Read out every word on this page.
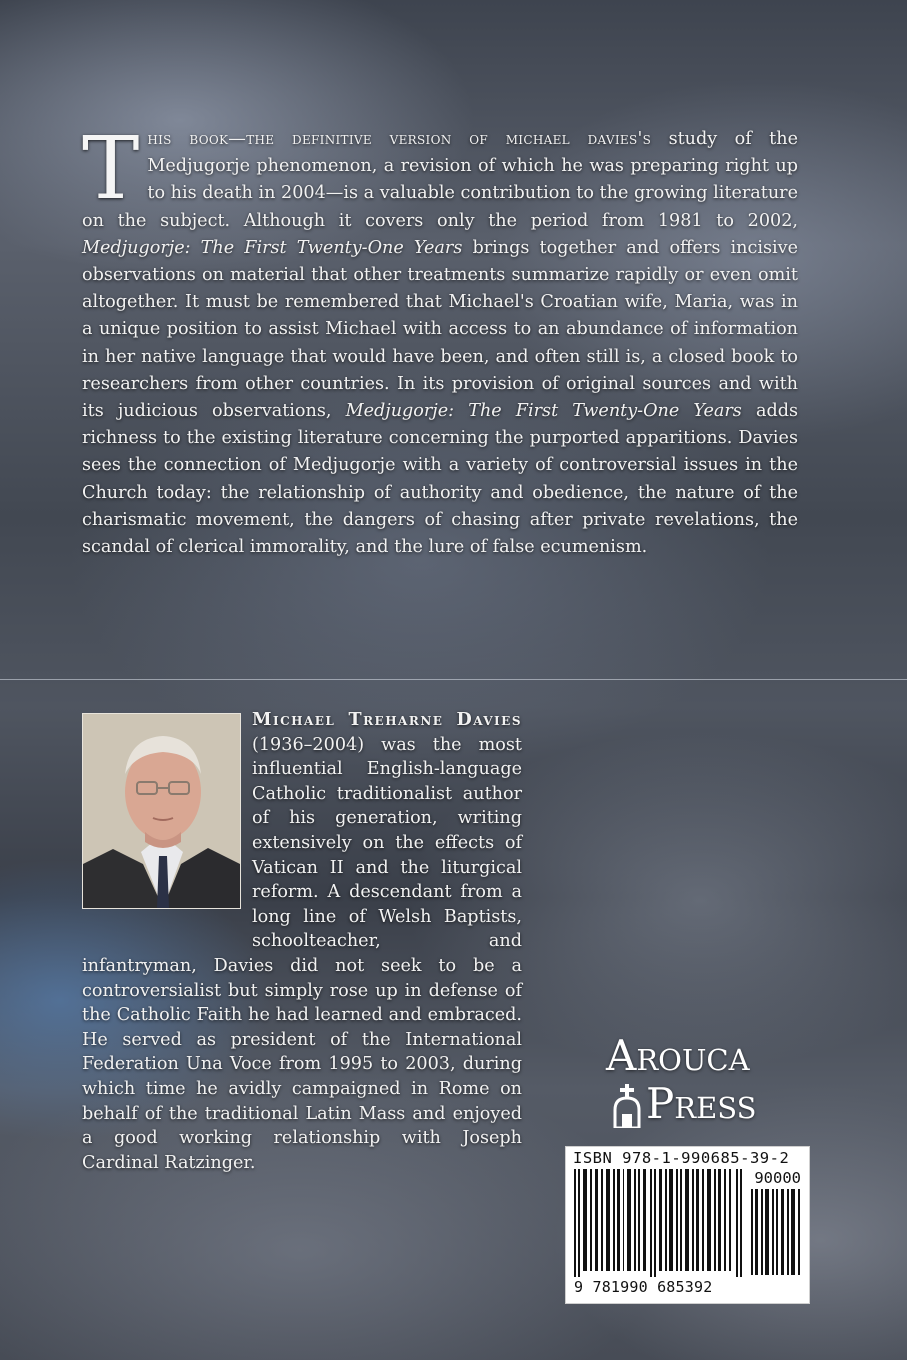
This book—the definitive version of michael davies's study of the Medjugorje phenomenon, a revision of which he was preparing right up to his death in 2004—is a valuable contribution to the growing literature on the subject. Although it covers only the period from 1981 to 2002, Medjugorje: The First Twenty-One Years brings together and offers incisive observations on material that other treatments summarize rapidly or even omit altogether. It must be remembered that Michael's Croatian wife, Maria, was in a unique position to assist Michael with access to an abundance of information in her native language that would have been, and often still is, a closed book to researchers from other countries. In its provision of original sources and with its judicious observations, Medjugorje: The First Twenty-One Years adds richness to the existing literature concerning the purported apparitions. Davies sees the connection of Medjugorje with a variety of controversial issues in the Church today: the relationship of authority and obedience, the nature of the charismatic movement, the dangers of chasing after private revelations, the scandal of clerical immorality, and the lure of false ecumenism.
Michael Treharne Davies (1936–2004) was the most influential English-language Catholic traditionalist author of his generation, writing extensively on the effects of Vatican II and the liturgical reform. A descendant from a long line of Welsh Baptists, schoolteacher, and infantryman, Davies did not seek to be a controversialist but simply rose up in defense of the Catholic Faith he had learned and embraced. He served as president of the International Federation Una Voce from 1995 to 2003, during which time he avidly campaigned in Rome on behalf of the traditional Latin Mass and enjoyed a good working relationship with Joseph Cardinal Ratzinger.
Arouca
Press
ISBN 978-1-990685-39-2
90000
9 781990 685392
